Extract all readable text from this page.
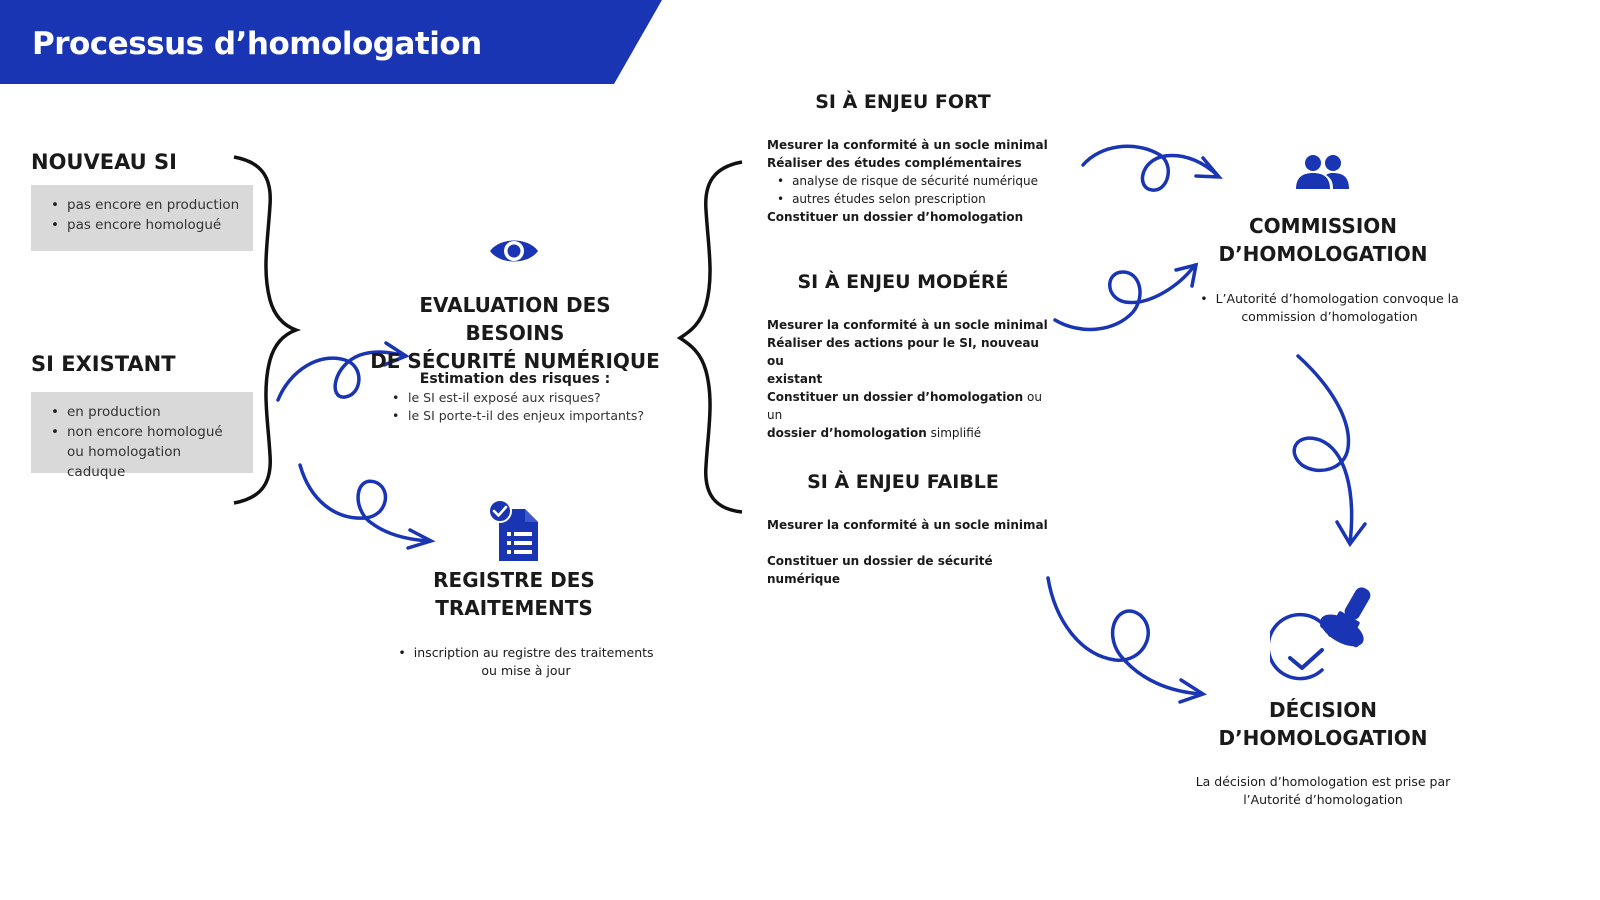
Processus d’homologation
NOUVEAU SI
• pas encore en production
• pas encore homologué
SI EXISTANT
• en production
• non encore homologué ou homologation caduque
EVALUATION DES BESOINS
DE SÉCURITÉ NUMÉRIQUE
Estimation des risques :
• le SI est-il exposé aux risques?
• le SI porte-t-il des enjeux importants?
REGISTRE DES
TRAITEMENTS
• inscription au registre des traitements
ou mise à jour
SI À ENJEU FORT
Mesurer la conformité à un socle minimal
Réaliser des études complémentaires
• analyse de risque de sécurité numérique
• autres études selon prescription
Constituer un dossier d’homologation
SI À ENJEU MODÉRÉ
Mesurer la conformité à un socle minimal
Réaliser des actions pour le SI, nouveau ou
existant
Constituer un dossier d’homologation ou un
dossier d’homologation simplifié
SI À ENJEU FAIBLE
Mesurer la conformité à un socle minimal
Constituer un dossier de sécurité numérique
COMMISSION
D’HOMOLOGATION
• L’Autorité d’homologation convoque la
commission d’homologation
DÉCISION
D’HOMOLOGATION
La décision d’homologation est prise par
l’Autorité d’homologation
